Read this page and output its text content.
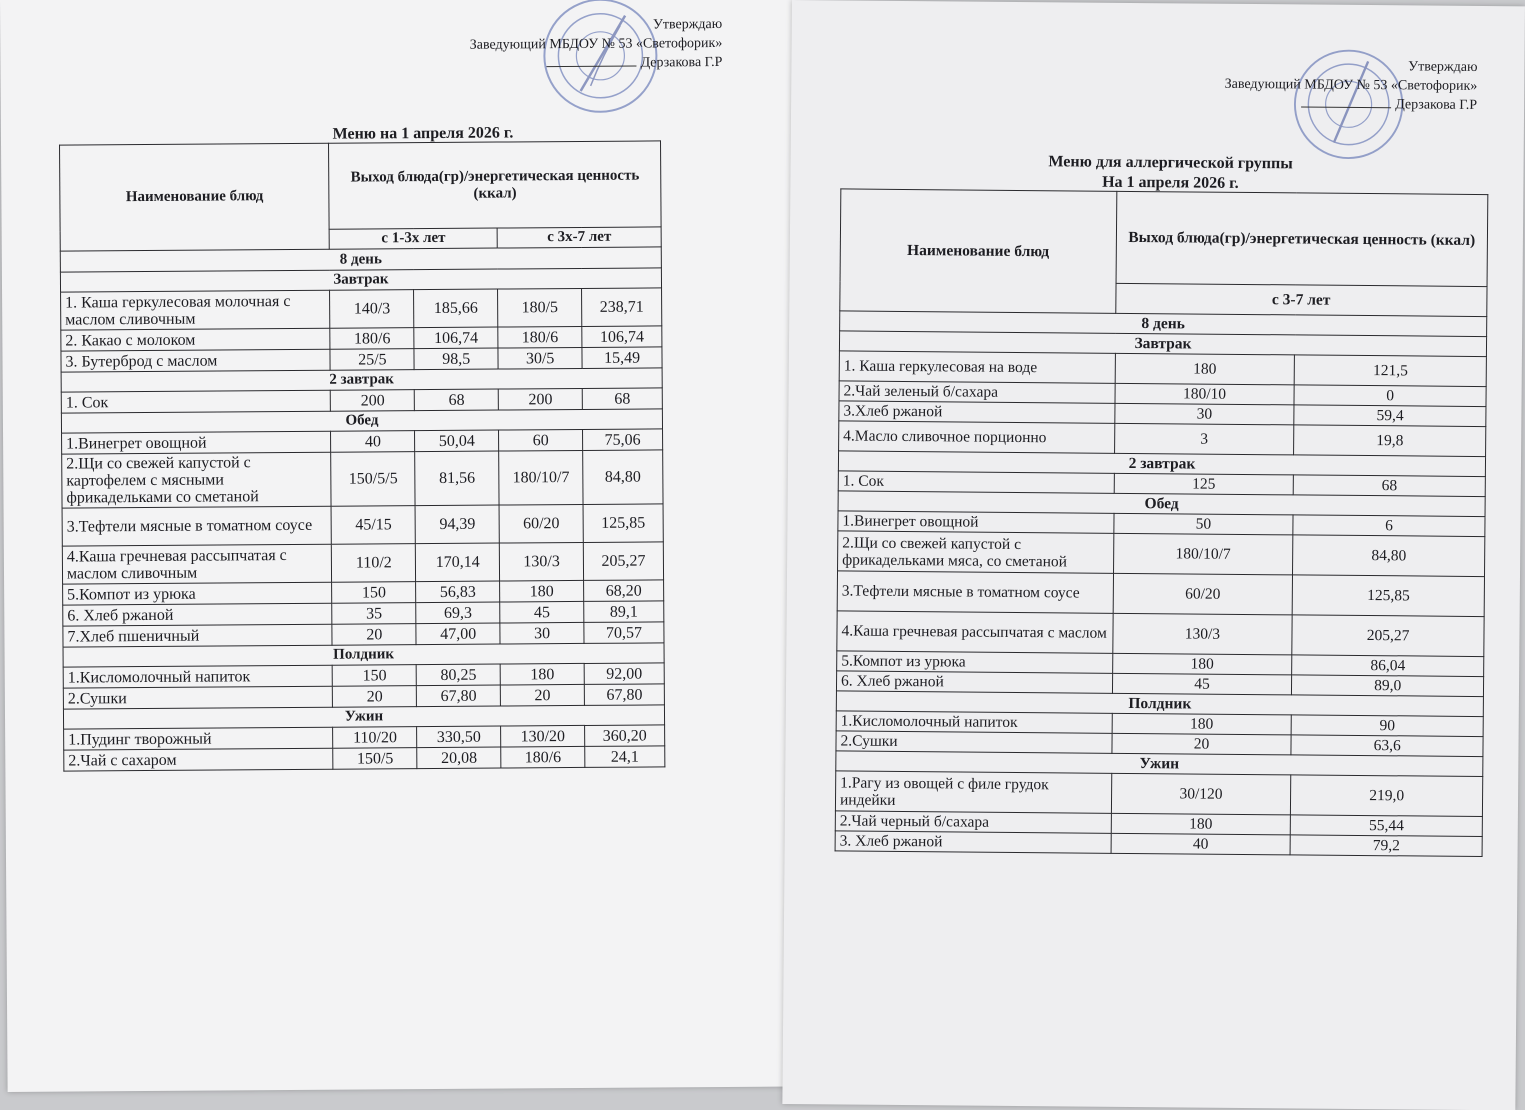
Утверждаю
Заведующий МБДОУ № 53 «Светофорик»
Дерзакова Г.Р
Меню на 1 апреля 2026 г.
Наименование блюд	Выход блюда(гр)/энергетическая ценность (ккал)			
	с 1-3х лет		с 3х-7 лет	
8 день				
Завтрак				
1. Каша геркулесовая молочная с маслом сливочным	140/3	185,66	180/5	238,71
2. Какао с молоком	180/6	106,74	180/6	106,74
3. Бутерброд с маслом	25/5	98,5	30/5	15,49
2 завтрак				
1. Сок	200	68	200	68
Обед				
1.Винегрет овощной	40	50,04	60	75,06
2.Щи со свежей капустой с картофелем с мясными фрикадельками со сметаной	150/5/5	81,56	180/10/7	84,80
3.Тефтели мясные в томатном соусе	45/15	94,39	60/20	125,85
4.Каша гречневая рассыпчатая с маслом сливочным	110/2	170,14	130/3	205,27
5.Компот из урюка	150	56,83	180	68,20
6. Хлеб ржаной	35	69,3	45	89,1
7.Хлеб пшеничный	20	47,00	30	70,57
Полдник				
1.Кисломолочный напиток	150	80,25	180	92,00
2.Сушки	20	67,80	20	67,80
Ужин				
1.Пудинг творожный	110/20	330,50	130/20	360,20
2.Чай с сахаром	150/5	20,08	180/6	24,1
Утверждаю
Заведующий МБДОУ № 53 «Светофорик»
Дерзакова Г.Р
Меню для аллергической группы
На 1 апреля 2026 г.
Наименование блюд	Выход блюда(гр)/энергетическая ценность (ккал)	
	с 3-7 лет	
8 день		
Завтрак		
1. Каша геркулесовая на воде	180	121,5
2.Чай зеленый б/сахара	180/10	0
3.Хлеб ржаной	30	59,4
4.Масло сливочное порционно	3	19,8
2 завтрак		
1. Сок	125	68
Обед		
1.Винегрет овощной	50	6
2.Щи со свежей капустой с фрикадельками мяса, со сметаной	180/10/7	84,80
3.Тефтели мясные в томатном соусе	60/20	125,85
4.Каша гречневая рассыпчатая с маслом	130/3	205,27
5.Компот из урюка	180	86,04
6. Хлеб ржаной	45	89,0
Полдник		
1.Кисломолочный напиток	180	90
2.Сушки	20	63,6
Ужин		
1.Рагу из овощей с филе грудок индейки	30/120	219,0
2.Чай черный б/сахара	180	55,44
3. Хлеб ржаной	40	79,2
